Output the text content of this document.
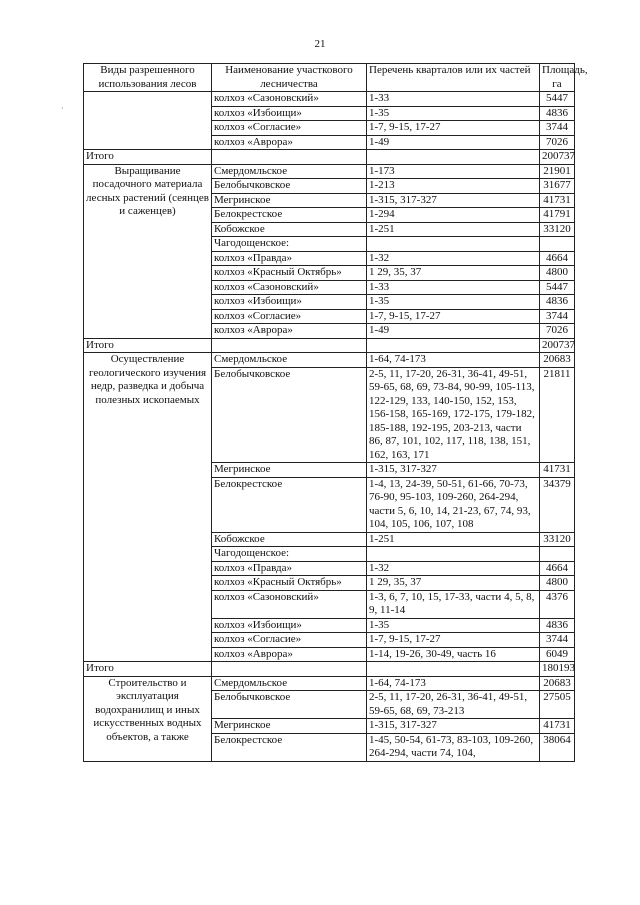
21
·
Виды разрешенного использования лесов	Наименование участкового лесничества	Перечень кварталов или их частей	Площадь, га
	колхоз «Сазоновский»	1-33	5447
	колхоз «Избоищи»	1-35	4836
	колхоз «Согласие»	1-7, 9-15, 17-27	3744
	колхоз «Аврора»	1-49	7026
Итого			200737
Выращивание посадочного материала лесных растений (сеянцев и саженцев)	Смердомльское	1-173	21901
	Белобычковское	1-213	31677
	Мегринское	1-315, 317-327	41731
	Белокрестское	1-294	41791
	Кобожское	1-251	33120
	Чагодощенское:		
	колхоз «Правда»	1-32	4664
	колхоз «Красный Октябрь»	1 29, 35, 37	4800
	колхоз «Сазоновский»	1-33	5447
	колхоз «Избоищи»	1-35	4836
	колхоз «Согласие»	1-7, 9-15, 17-27	3744
	колхоз «Аврора»	1-49	7026
Итого			200737
Осуществление геологического изучения недр, разведка и добыча полезных ископаемых	Смердомльское	1-64, 74-173	20683
	Белобычковское	2-5, 11, 17-20, 26-31, 36-41, 49-51, 59-65, 68, 69, 73-84, 90-99, 105-113, 122-129, 133, 140-150, 152, 153, 156-158, 165-169, 172-175, 179-182, 185-188, 192-195, 203-213, части 86, 87, 101, 102, 117, 118, 138, 151, 162, 163, 171	21811
	Мегринское	1-315, 317-327	41731
	Белокрестское	1-4, 13, 24-39, 50-51, 61-66, 70-73, 76-90, 95-103, 109-260, 264-294, части 5, 6, 10, 14, 21-23, 67, 74, 93, 104, 105, 106, 107, 108	34379
	Кобожское	1-251	33120
	Чагодощенское:		
	колхоз «Правда»	1-32	4664
	колхоз «Красный Октябрь»	1 29, 35, 37	4800
	колхоз «Сазоновский»	1-3, 6, 7, 10, 15, 17-33, части 4, 5, 8, 9, 11-14	4376
	колхоз «Избоищи»	1-35	4836
	колхоз «Согласие»	1-7, 9-15, 17-27	3744
	колхоз «Аврора»	1-14, 19-26, 30-49, часть 16	6049
Итого			180193
Строительство и эксплуатация водохранилищ и иных искусственных водных объектов, а также	Смердомльское	1-64, 74-173	20683
	Белобычковское	2-5, 11, 17-20, 26-31, 36-41, 49-51, 59-65, 68, 69, 73-213	27505
	Мегринское	1-315, 317-327	41731
	Белокрестское	1-45, 50-54, 61-73, 83-103, 109-260, 264-294, части 74, 104,	38064
